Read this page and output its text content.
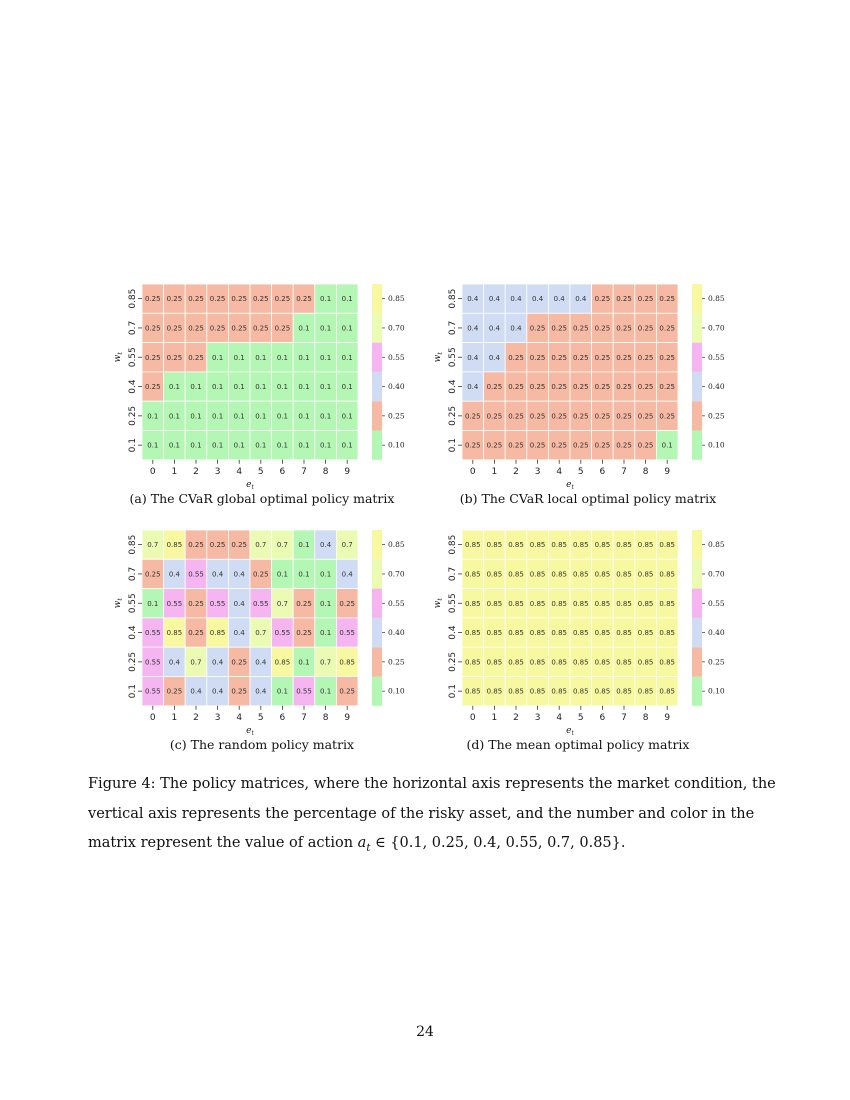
0.25 0.25 0.25 0.25 0.25 0.25 0.25 0.25 0.1 0.1
0.25 0.25 0.25 0.25 0.25 0.25 0.25 0.1 0.1 0.1
0.25 0.25 0.25 0.1 0.1 0.1 0.1 0.1 0.1 0.1
0.25 0.1 0.1 0.1 0.1 0.1 0.1 0.1 0.1 0.1
0.1 0.1 0.1 0.1 0.1 0.1 0.1 0.1 0.1 0.1
0.1 0.1 0.1 0.1 0.1 0.1 0.1 0.1 0.1 0.1
0.85
0.7
0.55
0.4
0.25
0.1
0 1 2 3 4 5 6 7 8 9
$e_t$
$w_t$
0.10
0.25
0.40
0.55
0.70
0.85
(a) The CVaR global optimal policy matrix
0.4 0.4 0.4 0.4 0.4 0.4 0.25 0.25 0.25 0.25
0.4 0.4 0.4 0.25 0.25 0.25 0.25 0.25 0.25 0.25
0.4 0.4 0.25 0.25 0.25 0.25 0.25 0.25 0.25 0.25
0.4 0.25 0.25 0.25 0.25 0.25 0.25 0.25 0.25 0.25
0.25 0.25 0.25 0.25 0.25 0.25 0.25 0.25 0.25 0.25
0.25 0.25 0.25 0.25 0.25 0.25 0.25 0.25 0.25 0.1
0.85
0.7
0.55
0.4
0.25
0.1
0 1 2 3 4 5 6 7 8 9
$e_t$
$w_t$
0.10
0.25
0.40
0.55
0.70
0.85
(b) The CVaR local optimal policy matrix
0.7 0.85 0.25 0.25 0.25 0.7 0.7 0.1 0.4 0.7
0.25 0.4 0.55 0.4 0.4 0.25 0.1 0.1 0.1 0.4
0.1 0.55 0.25 0.55 0.4 0.55 0.7 0.25 0.1 0.25
0.55 0.85 0.25 0.85 0.4 0.7 0.55 0.25 0.1 0.55
0.55 0.4 0.7 0.4 0.25 0.4 0.85 0.1 0.7 0.85
0.55 0.25 0.4 0.4 0.25 0.4 0.1 0.55 0.1 0.25
0.85
0.7
0.55
0.4
0.25
0.1
0 1 2 3 4 5 6 7 8 9
$e_t$
$w_t$
0.10
0.25
0.40
0.55
0.70
0.85
(c) The random policy matrix
0.85 0.85 0.85 0.85 0.85 0.85 0.85 0.85 0.85 0.85
0.85 0.85 0.85 0.85 0.85 0.85 0.85 0.85 0.85 0.85
0.85 0.85 0.85 0.85 0.85 0.85 0.85 0.85 0.85 0.85
0.85 0.85 0.85 0.85 0.85 0.85 0.85 0.85 0.85 0.85
0.85 0.85 0.85 0.85 0.85 0.85 0.85 0.85 0.85 0.85
0.85 0.85 0.85 0.85 0.85 0.85 0.85 0.85 0.85 0.85
0.85
0.7
0.55
0.4
0.25
0.1
0 1 2 3 4 5 6 7 8 9
$e_t$
$w_t$
0.10
0.25
0.40
0.55
0.70
0.85
(d) The mean optimal policy matrix
Figure 4: The policy matrices, where the horizontal axis represents the market condition, the
vertical axis represents the percentage of the risky asset, and the number and color in the
matrix represent the value of action $a_t$ ∈ {0.1, 0.25, 0.4, 0.55, 0.7, 0.85}.
24
